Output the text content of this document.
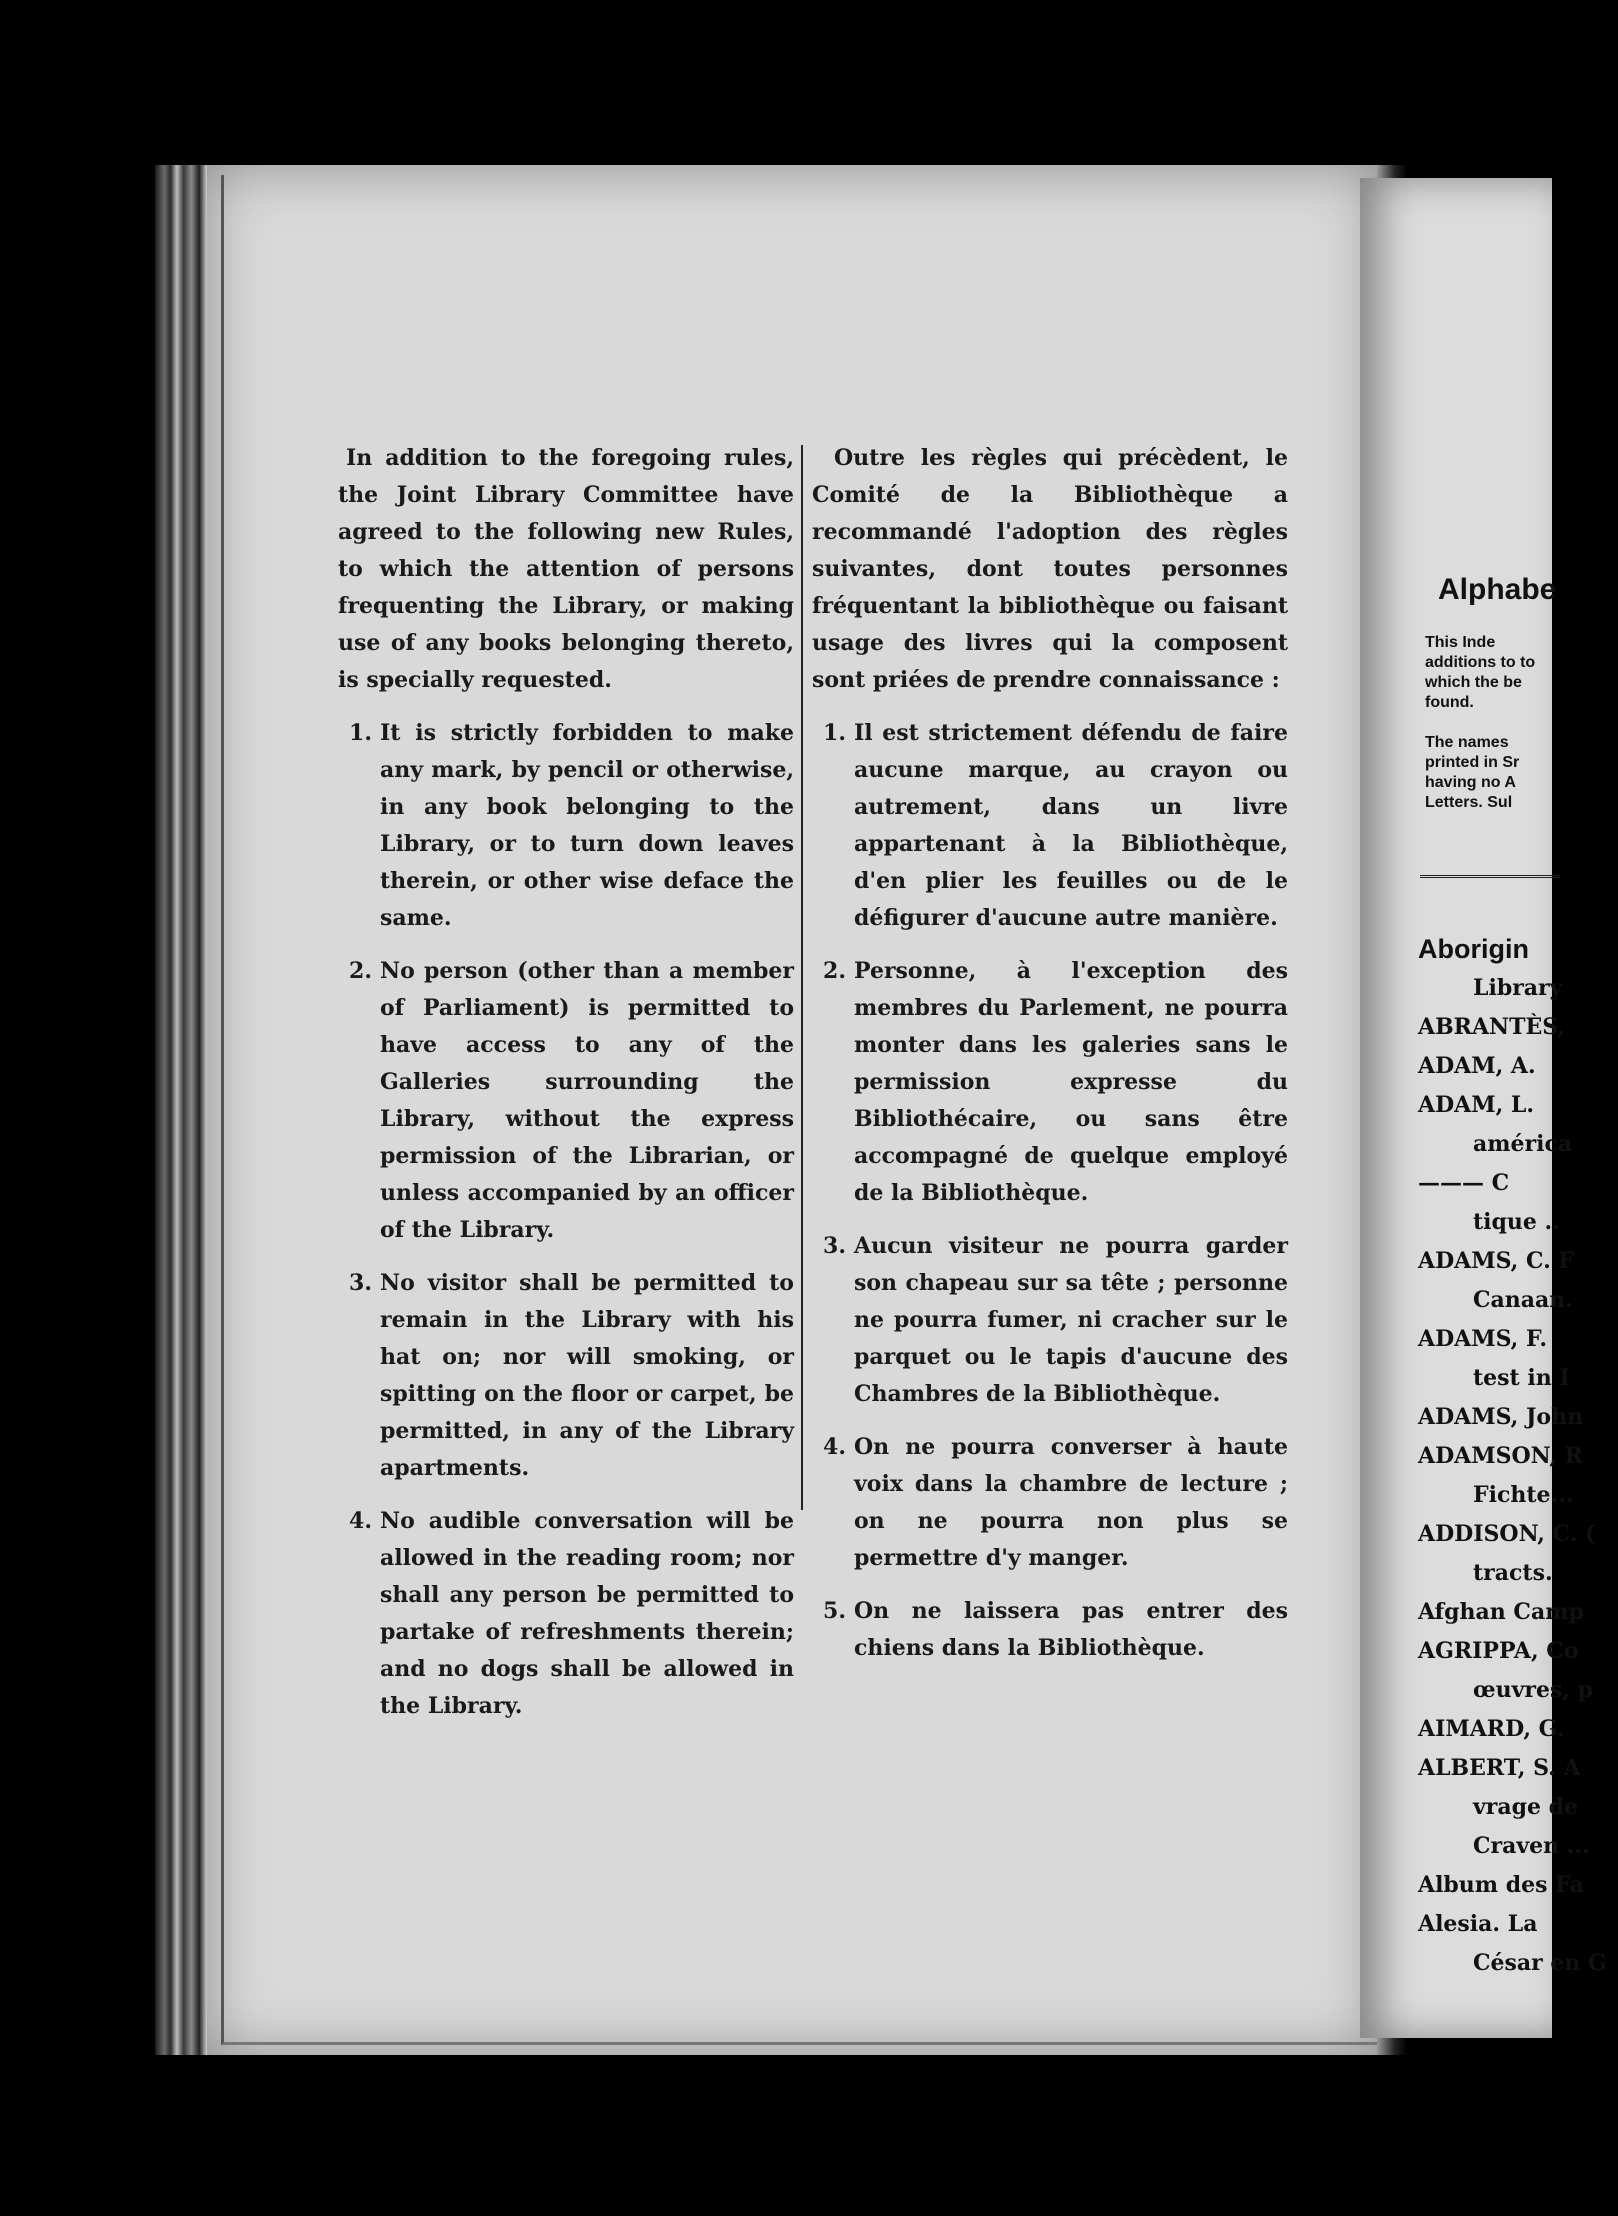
Alphabe

This Inde additions to to which the be found.

The names printed in Sr having no A Letters. Sul

Aborigin
Library
ABRANTÈS,
ADAM, A.
ADAM, L.
américa
——— C
tique ..
ADAMS, C. F
Canaan.
ADAMS, F.
test in I
ADAMS, John
ADAMSON, R
Fichte...
ADDISON, C. (
tracts.
Afghan Camp
AGRIPPA, Co
œuvres, p
AIMARD, G.
ALBERT, S. A
vrage de
Craven ...
Album des Fa
Alesia. La
César en G

In addition to the foregoing rules, the Joint Library Committee have agreed to the following new Rules, to which the attention of persons frequenting the Library, or making use of any books belonging thereto, is specially requested.

1. It is strictly forbidden to make any mark, by pencil or otherwise, in any book belonging to the Library, or to turn down leaves therein, or other wise deface the same.
2. No person (other than a member of Parliament) is permitted to have access to any of the Galleries surrounding the Library, without the express permission of the Librarian, or unless accompanied by an officer of the Library.
3. No visitor shall be permitted to remain in the Library with his hat on; nor will smoking, or spitting on the floor or carpet, be permitted, in any of the Library apartments.
4. No audible conversation will be allowed in the reading room; nor shall any person be permitted to partake of refreshments therein; and no dogs shall be allowed in the Library.

Outre les règles qui précèdent, le Comité de la Bibliothèque a recommandé l'adoption des règles suivantes, dont toutes personnes fréquentant la bibliothèque ou faisant usage des livres qui la composent sont priées de prendre connaissance :

1. Il est strictement défendu de faire aucune marque, au crayon ou autrement, dans un livre appartenant à la Bibliothèque, d'en plier les feuilles ou de le défigurer d'aucune autre manière.
2. Personne, à l'exception des membres du Parlement, ne pourra monter dans les galeries sans le permission expresse du Bibliothécaire, ou sans être accompagné de quelque employé de la Bibliothèque.
3. Aucun visiteur ne pourra garder son chapeau sur sa tête ; personne ne pourra fumer, ni cracher sur le parquet ou le tapis d'aucune des Chambres de la Bibliothèque.
4. On ne pourra converser à haute voix dans la chambre de lecture ; on ne pourra non plus se permettre d'y manger.
5. On ne laissera pas entrer des chiens dans la Bibliothèque.
